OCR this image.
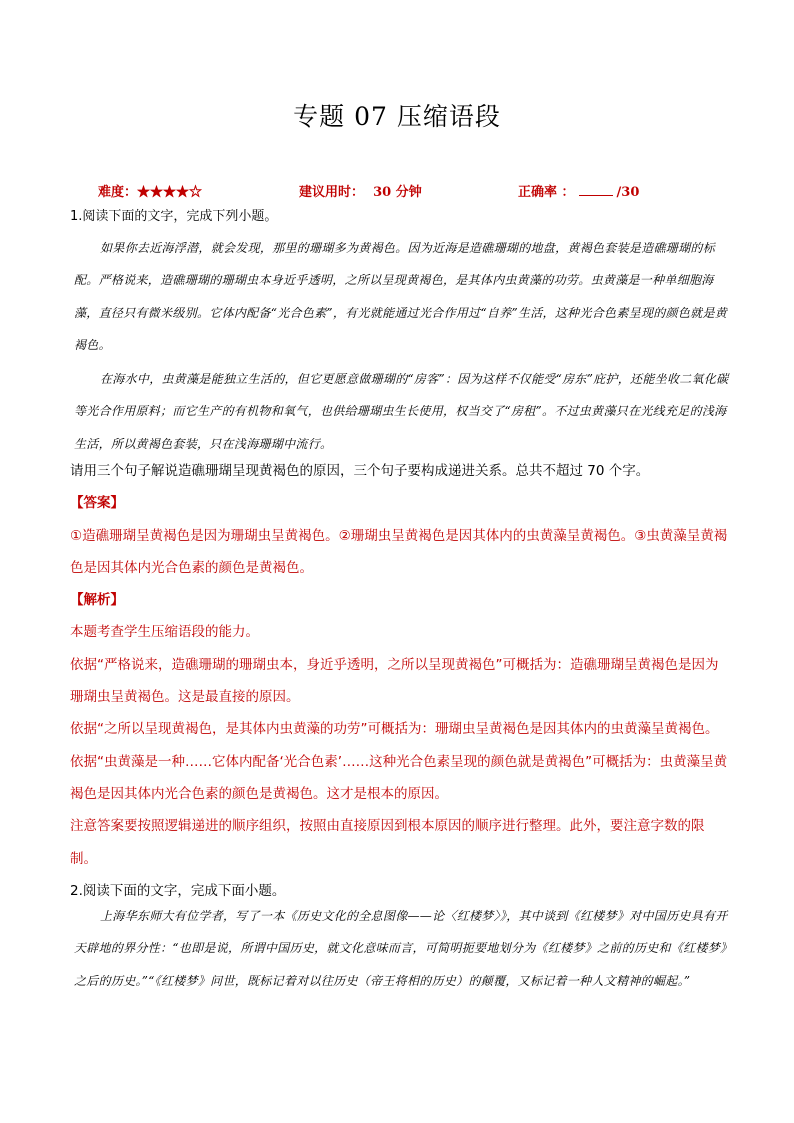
专题 07 压缩语段
难度：★★★★☆	建议用时： 30 分钟	正确率 ：	/30
1.阅读下面的文字，完成下列小题。

如果你去近海浮潜，就会发现，那里的珊瑚多为黄褐色。因为近海是造礁珊瑚的地盘，黄褐色套装是造礁珊瑚的标配。严格说来，造礁珊瑚的珊瑚虫本身近乎透明，之所以呈现黄褐色，是其体内虫黄藻的功劳。虫黄藻是一种单细胞海藻，直径只有微米级别。它体内配备“光合色素”，有光就能通过光合作用过“自养”生活，这种光合色素呈现的颜色就是黄褐色。

在海水中，虫黄藻是能独立生活的，但它更愿意做珊瑚的“房客”：因为这样不仅能受“房东”庇护，还能坐收二氧化碳等光合作用原料；而它生产的有机物和氧气，也供给珊瑚虫生长使用，权当交了“房租”。不过虫黄藻只在光线充足的浅海生活，所以黄褐色套装，只在浅海珊瑚中流行。

请用三个句子解说造礁珊瑚呈现黄褐色的原因，三个句子要构成递进关系。总共不超过 70 个字。

【答案】

①造礁珊瑚呈黄褐色是因为珊瑚虫呈黄褐色。②珊瑚虫呈黄褐色是因其体内的虫黄藻呈黄褐色。③虫黄藻呈黄褐色是因其体内光合色素的颜色是黄褐色。

【解析】

本题考查学生压缩语段的能力。

依据“严格说来，造礁珊瑚的珊瑚虫本，身近乎透明，之所以呈现黄褐色”可概括为：造礁珊瑚呈黄褐色是因为珊瑚虫呈黄褐色。这是最直接的原因。

依据“之所以呈现黄褐色，是其体内虫黄藻的功劳”可概括为：珊瑚虫呈黄褐色是因其体内的虫黄藻呈黄褐色。

依据“虫黄藻是一种……它体内配备‘光合色素’……这种光合色素呈现的颜色就是黄褐色”可概括为：虫黄藻呈黄褐色是因其体内光合色素的颜色是黄褐色。这才是根本的原因。

注意答案要按照逻辑递进的顺序组织，按照由直接原因到根本原因的顺序进行整理。此外，要注意字数的限制。

2.阅读下面的文字，完成下面小题。

上海华东师大有位学者，写了一本《历史文化的全息图像——论〈红楼梦〉》，其中谈到《红楼梦》对中国历史具有开天辟地的界分性：“也即是说，所谓中国历史，就文化意味而言，可简明扼要地划分为《红楼梦》之前的历史和《红楼梦》之后的历史。”“《红楼梦》问世，既标记着对以往历史（帝王将相的历史）的颠覆，又标记着一种人文精神的崛起。”
